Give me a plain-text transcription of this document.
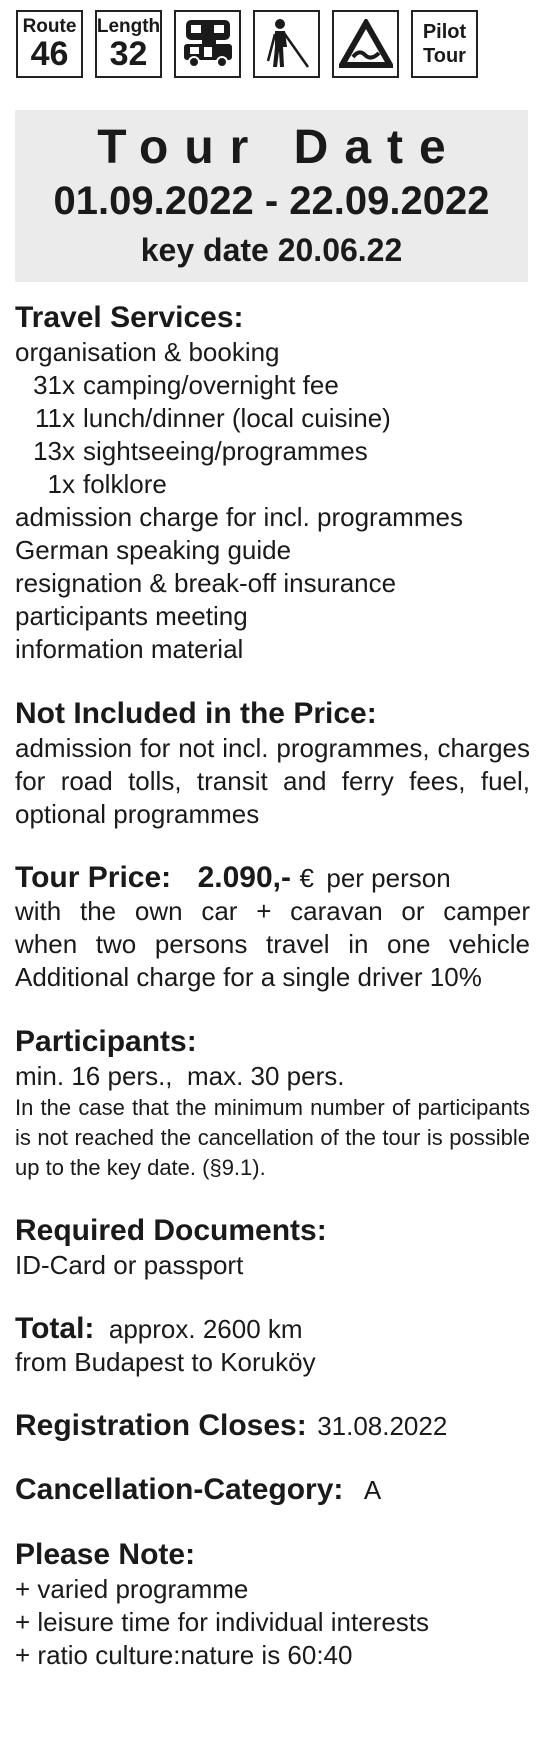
Route
46
Length
32
Pilot
Tour
Tour Date
01.09.2022 - 22.09.2022
key date 20.06.22
Travel Services:
organisation & booking
31x camping/overnight fee
11x lunch/dinner (local cuisine)
13x sightseeing/programmes
1x folklore
admission charge for incl. programmes
German speaking guide
resignation & break-off insurance
participants meeting
information material
Not Included in the Price:
admission for not incl. programmes, charges for road tolls, transit and ferry fees, fuel, optional programmes
Tour Price: 2.090,- € per person
with the own car + caravan or camper
when two persons travel in one vehicle
Additional charge for a single driver 10%
Participants:
min. 16 pers.,  max. 30 pers.
In the case that the minimum number of participants is not reached the cancellation of the tour is possible up to the key date. (§9.1).
Required Documents:
ID-Card or passport
Total: approx. 2600 km
from Budapest to Koruköy
Registration Closes: 31.08.2022
Cancellation-Category: A
Please Note:
+ varied programme
+ leisure time for individual interests
+ ratio culture:nature is 60:40
